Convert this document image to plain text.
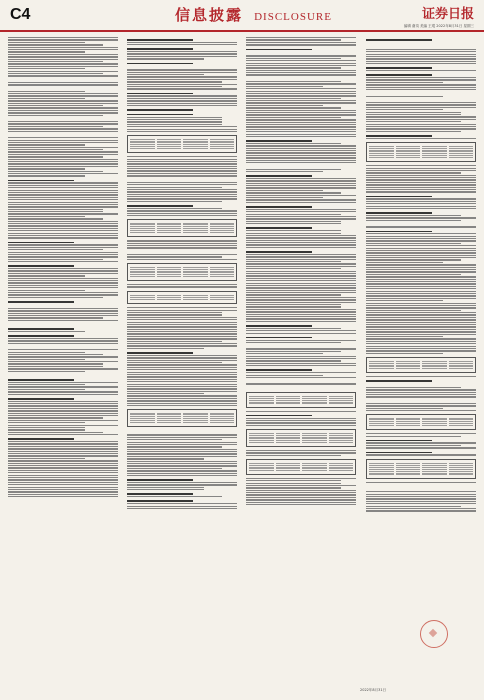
C4	信息披露 DISCLOSURE	证券日报
编辑 谢岚 美编 王琨 2022年8月31日 星期三
2022年8月31日
